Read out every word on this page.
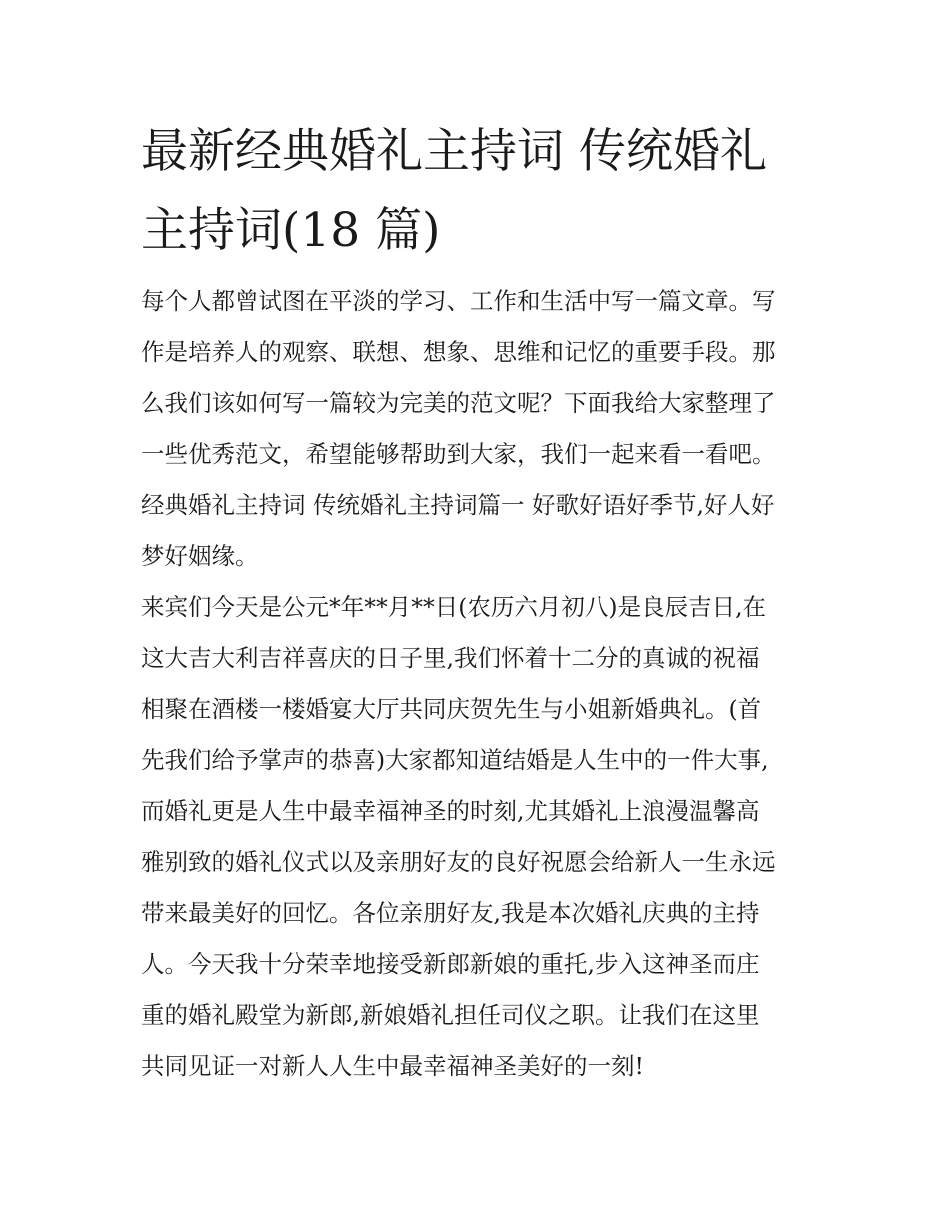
最新经典婚礼主持词 传统婚礼
主持词(18 篇)
每个人都曾试图在平淡的学习、工作和生活中写一篇文章。写
作是培养人的观察、联想、想象、思维和记忆的重要手段。那
么我们该如何写一篇较为完美的范文呢？下面我给大家整理了
一些优秀范文，希望能够帮助到大家，我们一起来看一看吧。
经典婚礼主持词 传统婚礼主持词篇一 好歌好语好季节,好人好
梦好姻缘。
来宾们今天是公元*年**月**日(农历六月初八)是良辰吉日,在
这大吉大利吉祥喜庆的日子里,我们怀着十二分的真诚的祝福
相聚在酒楼一楼婚宴大厅共同庆贺先生与小姐新婚典礼。(首
先我们给予掌声的恭喜)大家都知道结婚是人生中的一件大事,
而婚礼更是人生中最幸福神圣的时刻,尤其婚礼上浪漫温馨高
雅别致的婚礼仪式以及亲朋好友的良好祝愿会给新人一生永远
带来最美好的回忆。各位亲朋好友,我是本次婚礼庆典的主持
人。今天我十分荣幸地接受新郎新娘的重托,步入这神圣而庄
重的婚礼殿堂为新郎,新娘婚礼担任司仪之职。让我们在这里
共同见证一对新人人生中最幸福神圣美好的一刻!
